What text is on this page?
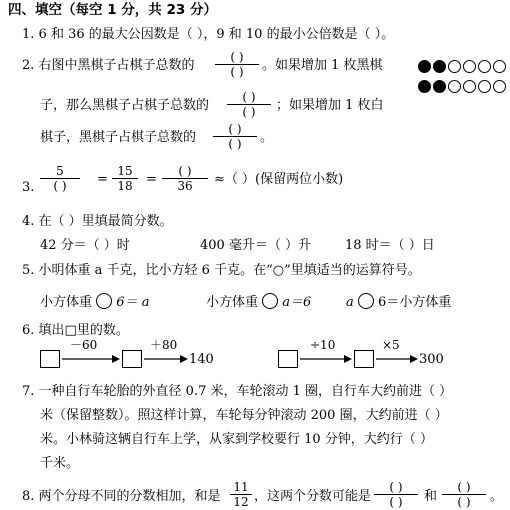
四、填空（每空 1 分，共 23 分）
1. 6 和 36 的最大公因数是（ ），9 和 10 的最小公倍数是（ ）。
2. 右图中黑棋子占棋子总数的
( )
( )	。如果增加 1 枚黑棋
子，那么黑棋子占棋子总数的
( )
( )	；如果增加 1 枚白
棋子，黑棋子占棋子总数的
( )
( )	。
3.
5
( )	=
15
18	=
( )
36	≈（ ）(保留两位小数)
4. 在（ ）里填最简分数。
42 分＝（ ）时	400 毫升＝（ ）升	18 时＝（ ）日
5. 小明体重 a 千克，比小方轻 6 千克。在“○”里填适当的运算符号。
小方体重 6＝ a	小方体重 a＝6	a 6＝小方体重
6. 填出□里的数。
－60	＋80
140
÷10	×5
300
7. 一种自行车轮胎的外直径 0.7 米，车轮滚动 1 圈，自行车大约前进（ ）
米（保留整数）。照这样计算，车轮每分钟滚动 200 圈，大约前进（ ）
米。小林骑这辆自行车上学，从家到学校要行 10 分钟，大约行（ ）
千米。
8. 两个分母不同的分数相加，和是
11
12 ，这两个分数可能是
( )
( )	和
( )
( )	。
